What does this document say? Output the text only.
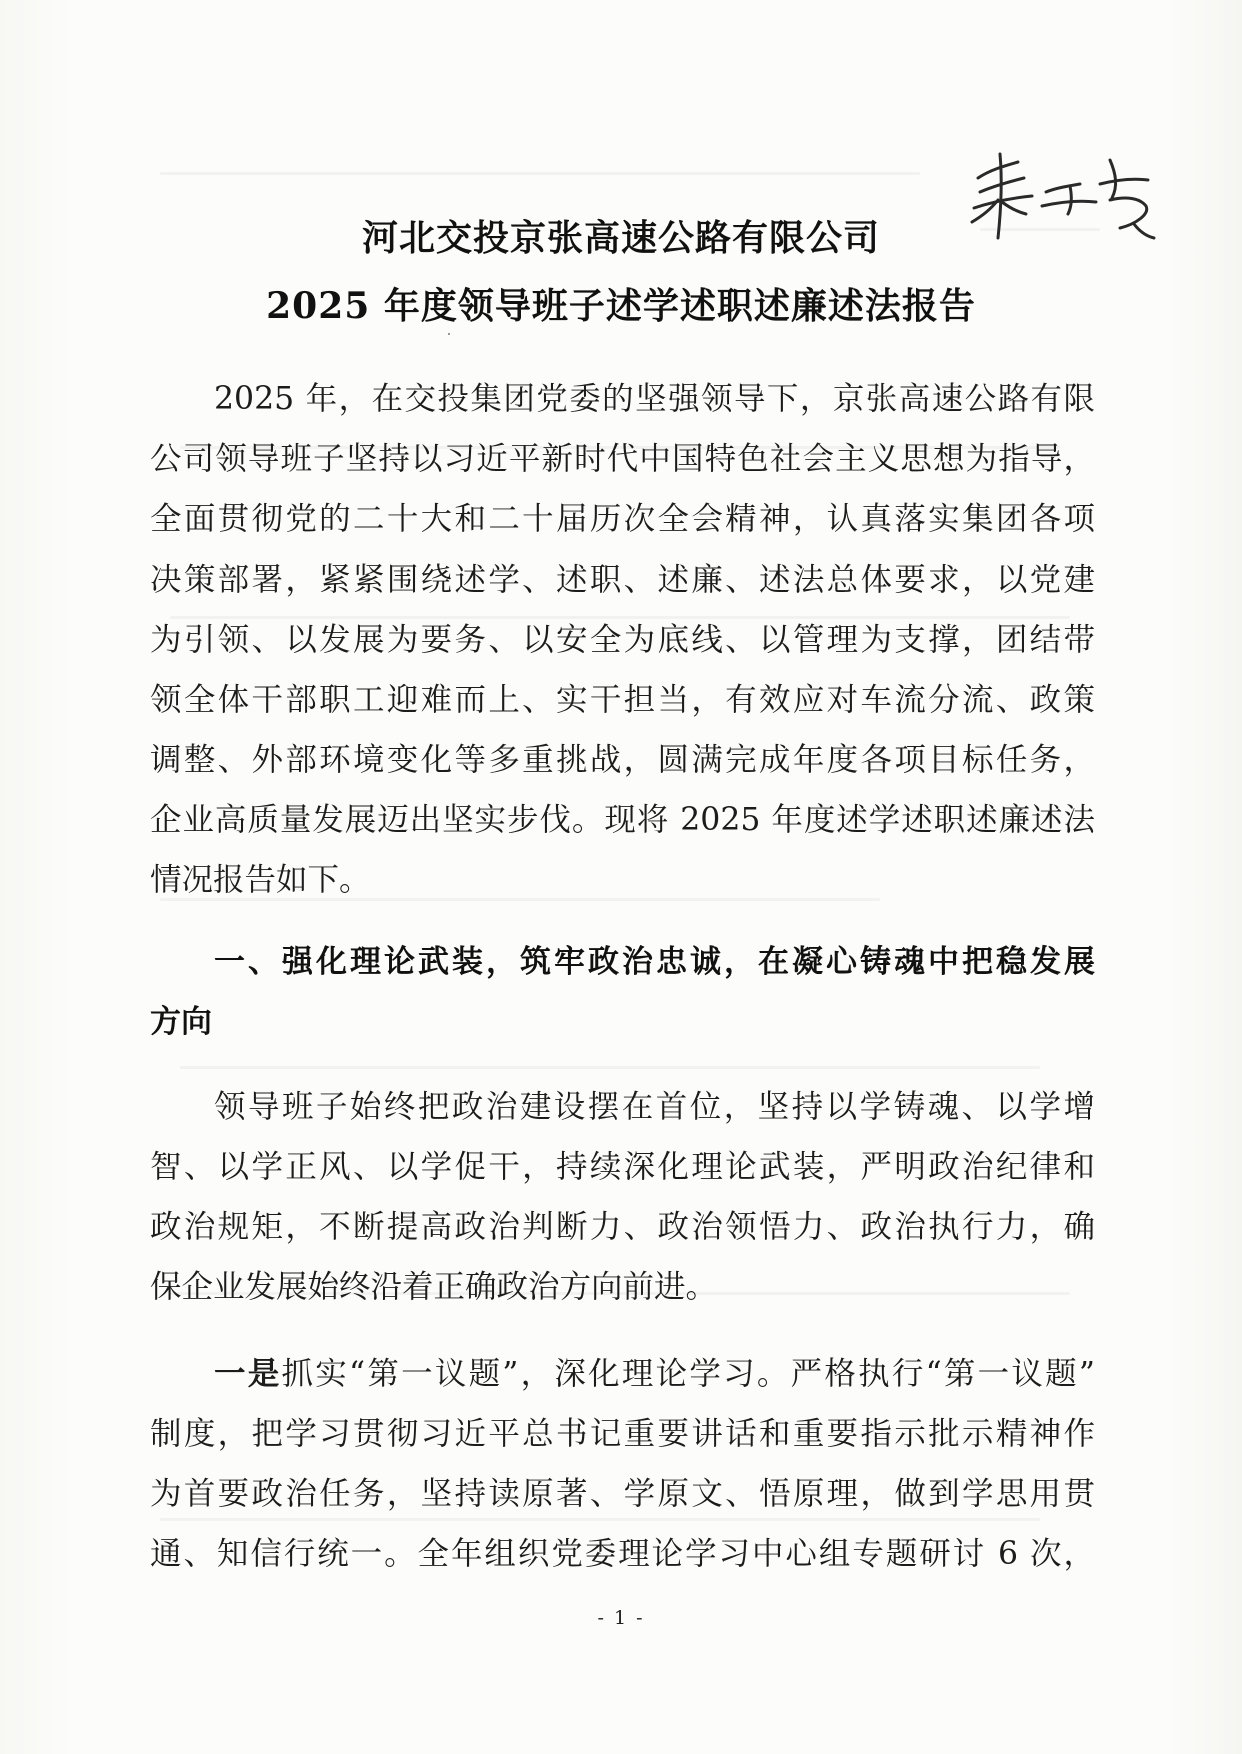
河北交投京张高速公路有限公司
2025 年度领导班子述学述职述廉述法报告
2025 年，在交投集团党委的坚强领导下，京张高速公路有限
公司领导班子坚持以习近平新时代中国特色社会主义思想为指导，
全面贯彻党的二十大和二十届历次全会精神，认真落实集团各项
决策部署，紧紧围绕述学、述职、述廉、述法总体要求，以党建
为引领、以发展为要务、以安全为底线、以管理为支撑，团结带
领全体干部职工迎难而上、实干担当，有效应对车流分流、政策
调整、外部环境变化等多重挑战，圆满完成年度各项目标任务，
企业高质量发展迈出坚实步伐。现将 2025 年度述学述职述廉述法
情况报告如下。
一、强化理论武装，筑牢政治忠诚，在凝心铸魂中把稳发展
方向
领导班子始终把政治建设摆在首位，坚持以学铸魂、以学增
智、以学正风、以学促干，持续深化理论武装，严明政治纪律和
政治规矩，不断提高政治判断力、政治领悟力、政治执行力，确
保企业发展始终沿着正确政治方向前进。
一是抓实“第一议题”，深化理论学习。严格执行“第一议题”
制度，把学习贯彻习近平总书记重要讲话和重要指示批示精神作
为首要政治任务，坚持读原著、学原文、悟原理，做到学思用贯
通、知信行统一。全年组织党委理论学习中心组专题研讨 6 次，
- 1 -
